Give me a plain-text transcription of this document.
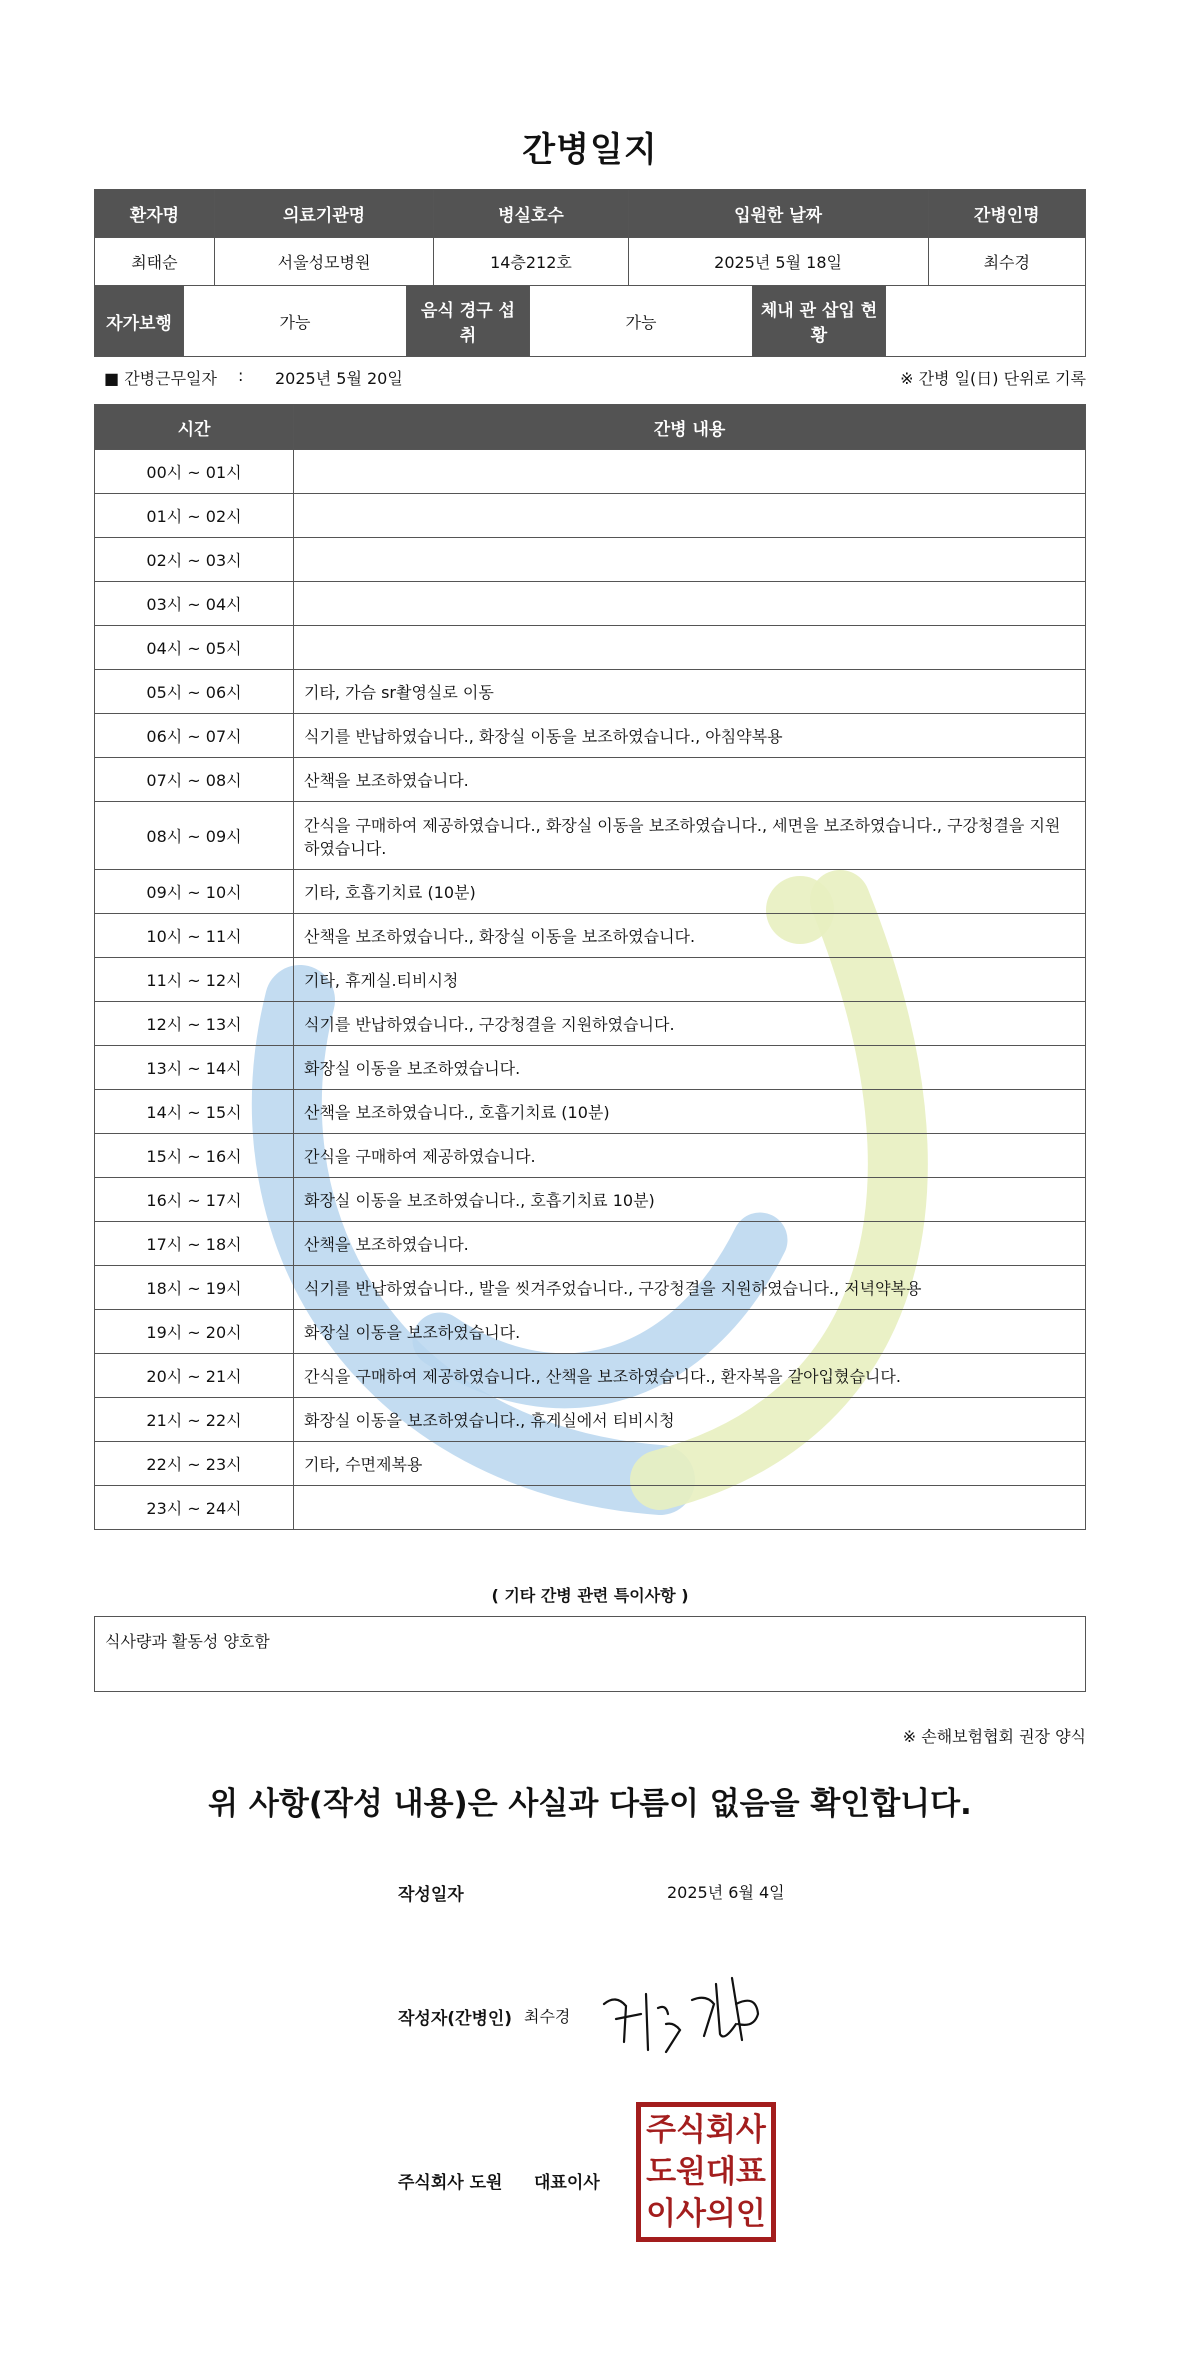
간병일지
환자명	의료기관명	병실호수	입원한 날짜	간병인명
최태순	서울성모병원	14층212호	2025년 5월 18일	최수경
자가보행	가능	음식 경구 섭취	가능	체내 관 삽입 현황	
■ 간병근무일자 : 2025년 5월 20일	※ 간병 일(日) 단위로 기록
시간	간병 내용
00시 ~ 01시	
01시 ~ 02시	
02시 ~ 03시	
03시 ~ 04시	
04시 ~ 05시	
05시 ~ 06시	기타, 가슴 sr촬영실로 이동
06시 ~ 07시	식기를 반납하였습니다., 화장실 이동을 보조하였습니다., 아침약복용
07시 ~ 08시	산책을 보조하였습니다.
08시 ~ 09시	간식을 구매하여 제공하였습니다., 화장실 이동을 보조하였습니다., 세면을 보조하였습니다., 구강청결을 지원하였습니다.
09시 ~ 10시	기타, 호흡기치료 (10분)
10시 ~ 11시	산책을 보조하였습니다., 화장실 이동을 보조하였습니다.
11시 ~ 12시	기타, 휴게실.티비시청
12시 ~ 13시	식기를 반납하였습니다., 구강청결을 지원하였습니다.
13시 ~ 14시	화장실 이동을 보조하였습니다.
14시 ~ 15시	산책을 보조하였습니다., 호흡기치료 (10분)
15시 ~ 16시	간식을 구매하여 제공하였습니다.
16시 ~ 17시	화장실 이동을 보조하였습니다., 호흡기치료 10분)
17시 ~ 18시	산책을 보조하였습니다.
18시 ~ 19시	식기를 반납하였습니다., 발을 씻겨주었습니다., 구강청결을 지원하였습니다., 저녁약복용
19시 ~ 20시	화장실 이동을 보조하였습니다.
20시 ~ 21시	간식을 구매하여 제공하였습니다., 산책을 보조하였습니다., 환자복을 갈아입혔습니다.
21시 ~ 22시	화장실 이동을 보조하였습니다., 휴게실에서 티비시청
22시 ~ 23시	기타, 수면제복용
23시 ~ 24시	
( 기타 간병 관련 특이사항 )
식사량과 활동성 양호함
※ 손해보험협회 권장 양식
위 사항(작성 내용)은 사실과 다름이 없음을 확인합니다.
작성일자	2025년 6월 4일
작성자(간병인) 최수경
주식회사 도원 대표이사
주식회사
도원대표
이사의인
